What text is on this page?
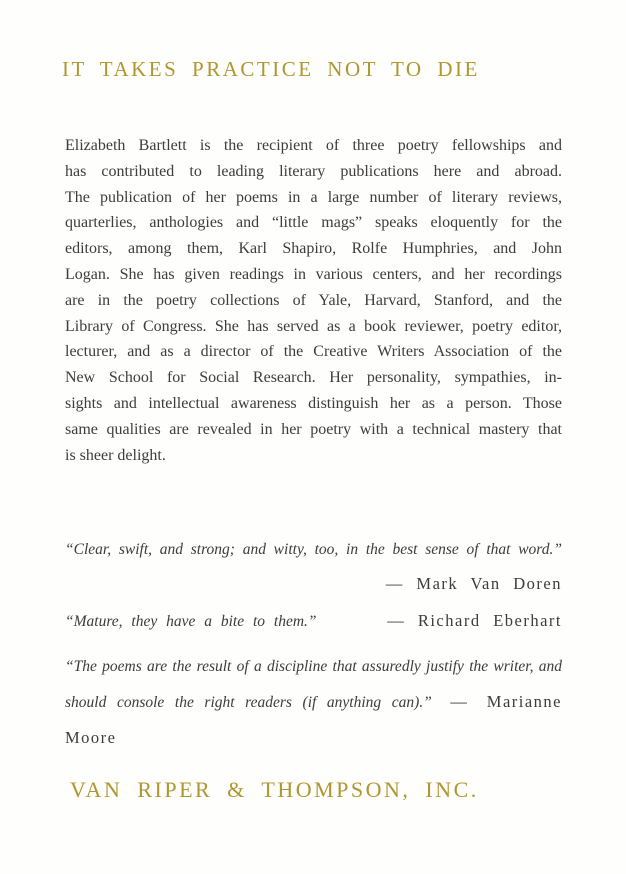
IT TAKES PRACTICE NOT TO DIE
Elizabeth Bartlett is the recipient of three poetry fellowships and
has contributed to leading literary publications here and abroad.
The publication of her poems in a large number of literary reviews,
quarterlies, anthologies and “little mags” speaks eloquently for the
editors, among them, Karl Shapiro, Rolfe Humphries, and John
Logan. She has given readings in various centers, and her recordings
are in the poetry collections of Yale, Harvard, Stanford, and the
Library of Congress. She has served as a book reviewer, poetry editor,
lecturer, and as a director of the Creative Writers Association of the
New School for Social Research. Her personality, sympathies, in-
sights and intellectual awareness distinguish her as a person. Those
same qualities are revealed in her poetry with a technical mastery that
is sheer delight.
“Clear, swift, and strong; and witty, too, in the best sense of that word.”
— Mark Van Doren
“Mature, they have a bite to them.”	— Richard Eberhart
“The poems are the result of a discipline that assuredly justify the writer, and should console the right readers (if anything can).” — Marianne Moore
VAN RIPER & THOMPSON, INC.
